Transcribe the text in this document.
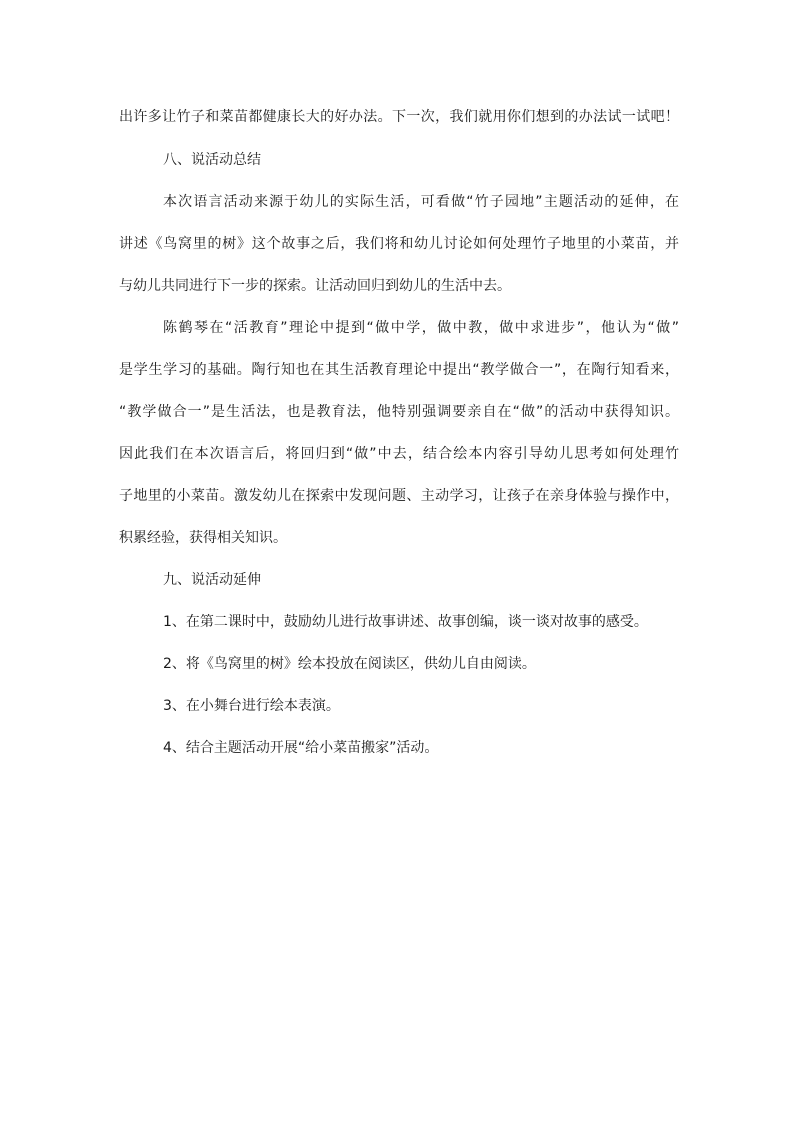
出许多让竹子和菜苗都健康长大的好办法。下一次，我们就用你们想到的办法试一试吧！
八、说活动总结
本次语言活动来源于幼儿的实际生活，可看做“竹子园地”主题活动的延伸，在
讲述《鸟窝里的树》这个故事之后，我们将和幼儿讨论如何处理竹子地里的小菜苗，并
与幼儿共同进行下一步的探索。让活动回归到幼儿的生活中去。
陈鹤琴在“活教育”理论中提到“做中学，做中教，做中求进步”，他认为“做”
是学生学习的基础。陶行知也在其生活教育理论中提出“教学做合一”，在陶行知看来，
“教学做合一”是生活法，也是教育法，他特别强调要亲自在“做”的活动中获得知识。
因此我们在本次语言后，将回归到“做”中去，结合绘本内容引导幼儿思考如何处理竹
子地里的小菜苗。激发幼儿在探索中发现问题、主动学习，让孩子在亲身体验与操作中，
积累经验，获得相关知识。
九、说活动延伸
1、在第二课时中，鼓励幼儿进行故事讲述、故事创编，谈一谈对故事的感受。
2、将《鸟窝里的树》绘本投放在阅读区，供幼儿自由阅读。
3、在小舞台进行绘本表演。
4、结合主题活动开展“给小菜苗搬家”活动。
